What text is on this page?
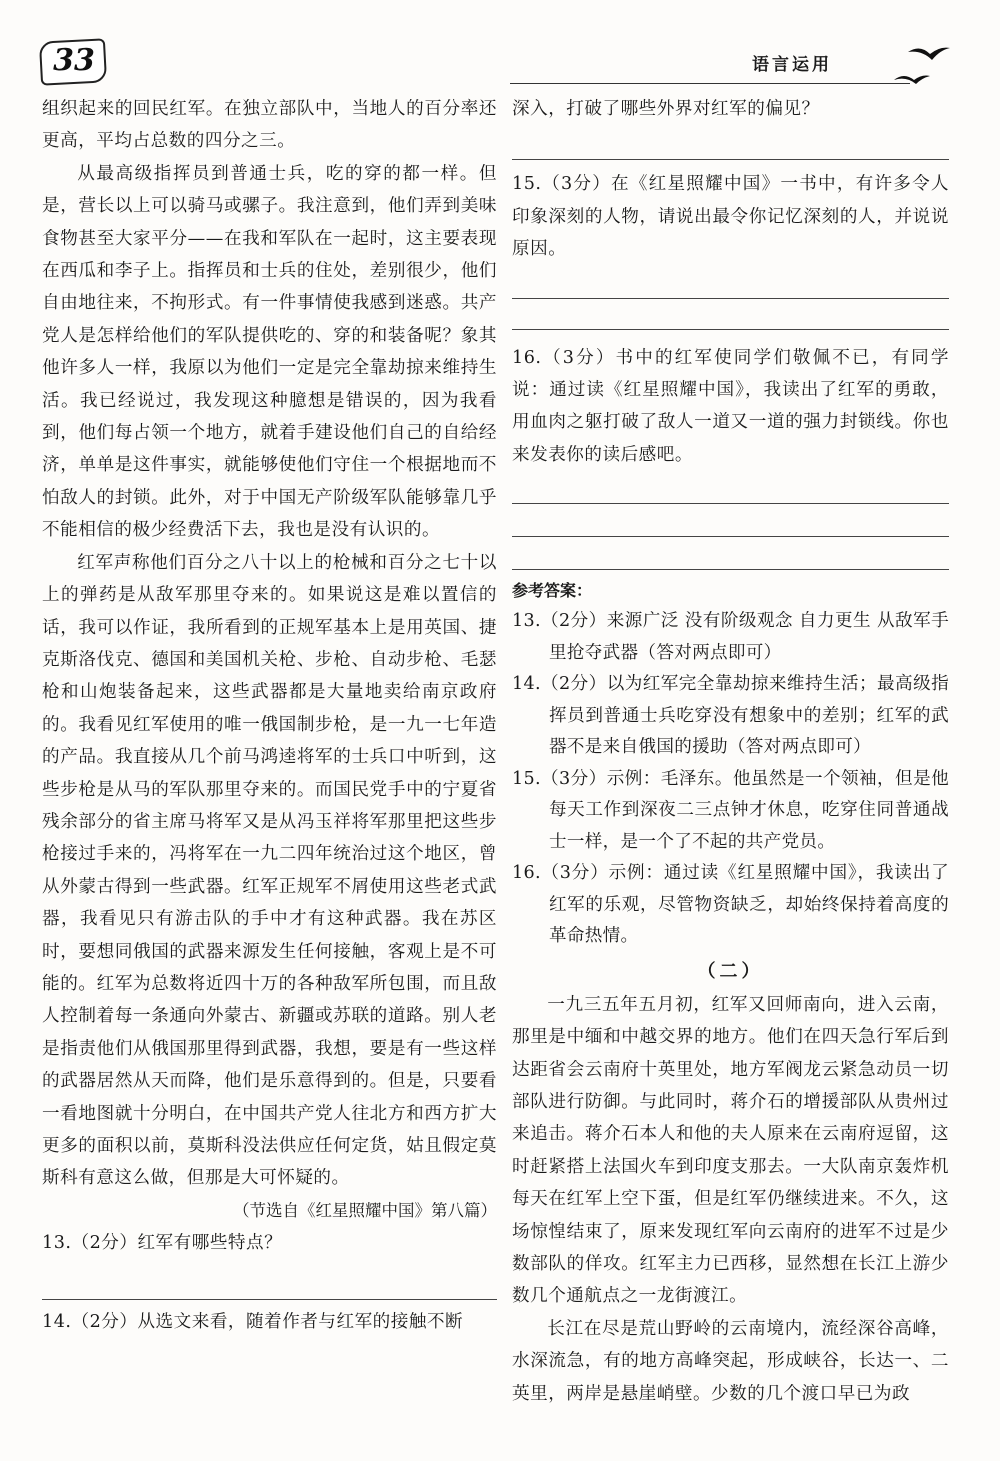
33	语言运用

组织起来的回民红军。在独立部队中，当地人的百分率还更高，平均占总数的四分之三。

从最高级指挥员到普通士兵，吃的穿的都一样。但是，营长以上可以骑马或骡子。我注意到，他们弄到美味食物甚至大家平分——在我和军队在一起时，这主要表现在西瓜和李子上。指挥员和士兵的住处，差别很少，他们自由地往来，不拘形式。有一件事情使我感到迷惑。共产党人是怎样给他们的军队提供吃的、穿的和装备呢？象其他许多人一样，我原以为他们一定是完全靠劫掠来维持生活。我已经说过，我发现这种臆想是错误的，因为我看到，他们每占领一个地方，就着手建设他们自己的自给经济，单单是这件事实，就能够使他们守住一个根据地而不怕敌人的封锁。此外，对于中国无产阶级军队能够靠几乎不能相信的极少经费活下去，我也是没有认识的。

红军声称他们百分之八十以上的枪械和百分之七十以上的弹药是从敌军那里夺来的。如果说这是难以置信的话，我可以作证，我所看到的正规军基本上是用英国、捷克斯洛伐克、德国和美国机关枪、步枪、自动步枪、毛瑟枪和山炮装备起来，这些武器都是大量地卖给南京政府的。我看见红军使用的唯一俄国制步枪，是一九一七年造的产品。我直接从几个前马鸿逵将军的士兵口中听到，这些步枪是从马的军队那里夺来的。而国民党手中的宁夏省残余部分的省主席马将军又是从冯玉祥将军那里把这些步枪接过手来的，冯将军在一九二四年统治过这个地区，曾从外蒙古得到一些武器。红军正规军不屑使用这些老式武器，我看见只有游击队的手中才有这种武器。我在苏区时，要想同俄国的武器来源发生任何接触，客观上是不可能的。红军为总数将近四十万的各种敌军所包围，而且敌人控制着每一条通向外蒙古、新疆或苏联的道路。别人老是指责他们从俄国那里得到武器，我想，要是有一些这样的武器居然从天而降，他们是乐意得到的。但是，只要看一看地图就十分明白，在中国共产党人往北方和西方扩大更多的面积以前，莫斯科没法供应任何定货，姑且假定莫斯科有意这么做，但那是大可怀疑的。

（节选自《红星照耀中国》第八篇）

13.（2分）红军有哪些特点？

14.（2分）从选文来看，随着作者与红军的接触不断

深入，打破了哪些外界对红军的偏见？

15.（3分）在《红星照耀中国》一书中，有许多令人印象深刻的人物，请说出最令你记忆深刻的人，并说说原因。

16.（3分）书中的红军使同学们敬佩不已，有同学说：通过读《红星照耀中国》，我读出了红军的勇敢，用血肉之躯打破了敌人一道又一道的强力封锁线。你也来发表你的读后感吧。

参考答案：

13.（2分）来源广泛 没有阶级观念 自力更生 从敌军手里抢夺武器（答对两点即可）

14.（2分）以为红军完全靠劫掠来维持生活；最高级指挥员到普通士兵吃穿没有想象中的差别；红军的武器不是来自俄国的援助（答对两点即可）

15.（3分）示例：毛泽东。他虽然是一个领袖，但是他每天工作到深夜二三点钟才休息，吃穿住同普通战士一样，是一个了不起的共产党员。

16.（3分）示例：通过读《红星照耀中国》，我读出了红军的乐观，尽管物资缺乏，却始终保持着高度的革命热情。

（二）

一九三五年五月初，红军又回师南向，进入云南，那里是中缅和中越交界的地方。他们在四天急行军后到达距省会云南府十英里处，地方军阀龙云紧急动员一切部队进行防御。与此同时，蒋介石的增援部队从贵州过来追击。蒋介石本人和他的夫人原来在云南府逗留，这时赶紧搭上法国火车到印度支那去。一大队南京轰炸机每天在红军上空下蛋，但是红军仍继续进来。不久，这场惊惶结束了，原来发现红军向云南府的进军不过是少数部队的佯攻。红军主力已西移，显然想在长江上游少数几个通航点之一龙街渡江。

长江在尽是荒山野岭的云南境内，流经深谷高峰，水深流急，有的地方高峰突起，形成峡谷，长达一、二英里，两岸是悬崖峭壁。少数的几个渡口早已为政
